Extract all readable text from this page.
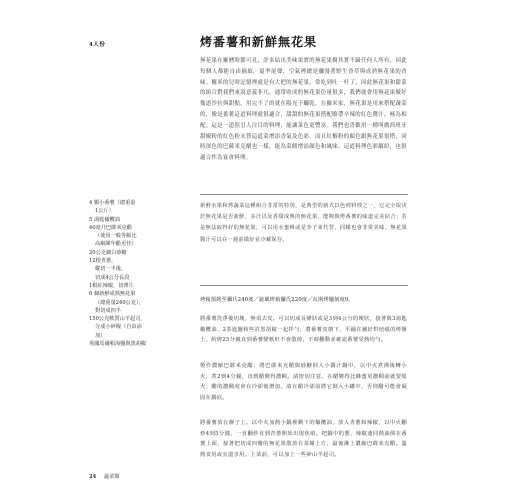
4人份	烤番薯和新鮮無花果

無花果在羅曆時節可見，許多結出美味果實的無花果樹其實不歸任何人所有，因此每個人都能自由摘取。夏季尾聲，空氣裡總是瀰漫著野生香草與成熟無花果的香味。羅米的兒時記憶裡就是有大把的無花果，常吃到吐一吐了，因此無花果和甜菜的組合對我們來說意義非凡。通常收成的無花果份量很多，我們就會用無花果做好幾道沙拉與甜點，用完不了的就在陽光下曬乾。在羅米家，無花果是用來搭配蔬菜的，像是番薯這道料理就很適合，甜甜的無花果搭配略帶辛辣的紅色醬汁，極為相配。這是一道很引人注目的料理，能讓菜色更豐富。我們也喜歡用一種叫做西班牙甜椒粉的紅色粉末替這道菜增添香氣及色彩，而且紅椒粉的顏色跟無花果很搭，同時深色的巴薩米克醋也一樣，能為菜餚增添顏色和風味。這道料理色彩繽紛，也很適合作為宴會料理。

新鮮水果和烤蔬菜這種組合非常的特別，是典型的新式以色列料理之一，它完全取決於無花果是否新鮮。多汁以及香甜成熟的無花果，能夠與烤番薯的味道完美結合；若是無法取得好的無花果，可以用水蜜桃或是李子來代替，同樣也會非常美味。無花果醬汁可以在一週前做好並冷藏保存。

4 顆小番薯（總重量
1公斤）
5 湯匙橄欖油
40毫升巴薩米克醋
（使用一般等級比
高級陳年醋更佳）
20公克細白砂糖
12根青蔥，
縱切一半後，
切成4公分長段
1根紅辣椒，切薄片
6 個新鮮成熟無花果
（總重量240公克），
對切成四半
150公克軟質山羊起司，
分成小碎塊（自由添
加）
英國馬爾頓海鹽與黑胡椒
烤箱預熱至攝氏240度／旋風烤箱攝氏220度／瓦斯烤爐刻度9。

將番薯洗淨後切塊，無須去皮。可以切成長條狀或是3到4公分的塊狀，接著與3湯匙橄欖油、2茶匙鹽和些許黑胡椒一起拌勻，將番薯皮朝下，平鋪在舖好烘焙紙的烤盤上。約烤25分鐘直到番薯變軟但不會散掉，不時翻動並確認番薯受熱均勻。

製作濃縮巴薩米克醋：將巴薩米克醋與砂糖倒入小醬汁鍋中，以中火煮沸後轉小火，煮2到4分鐘，直到醋變得濃稠。請密切注意，在醋變得比蜂蜜更濃稠前就要熄火；醋的濃稠度會在冷卻後增加。請在醋冷卻前將它倒入小罐中，否則醋可能會凝固在鍋底。

將番薯放在盤子上。以中火加熱小鍋裡剩下的橄欖油，放入青蔥和辣椒，以中火翻炒4到5分鐘，一直翻炒直到青蔥開始出現焦痕。把鍋中的蔥、辣椒連同熱油倒在番薯上面，接著把切成四瓣的無花果散放在菜餚上方，最後淋上濃縮巴薩米克醋。溫熱食用或室溫享用。上菜前，可以加上一些碎山羊起司。

24 蔬菜類
